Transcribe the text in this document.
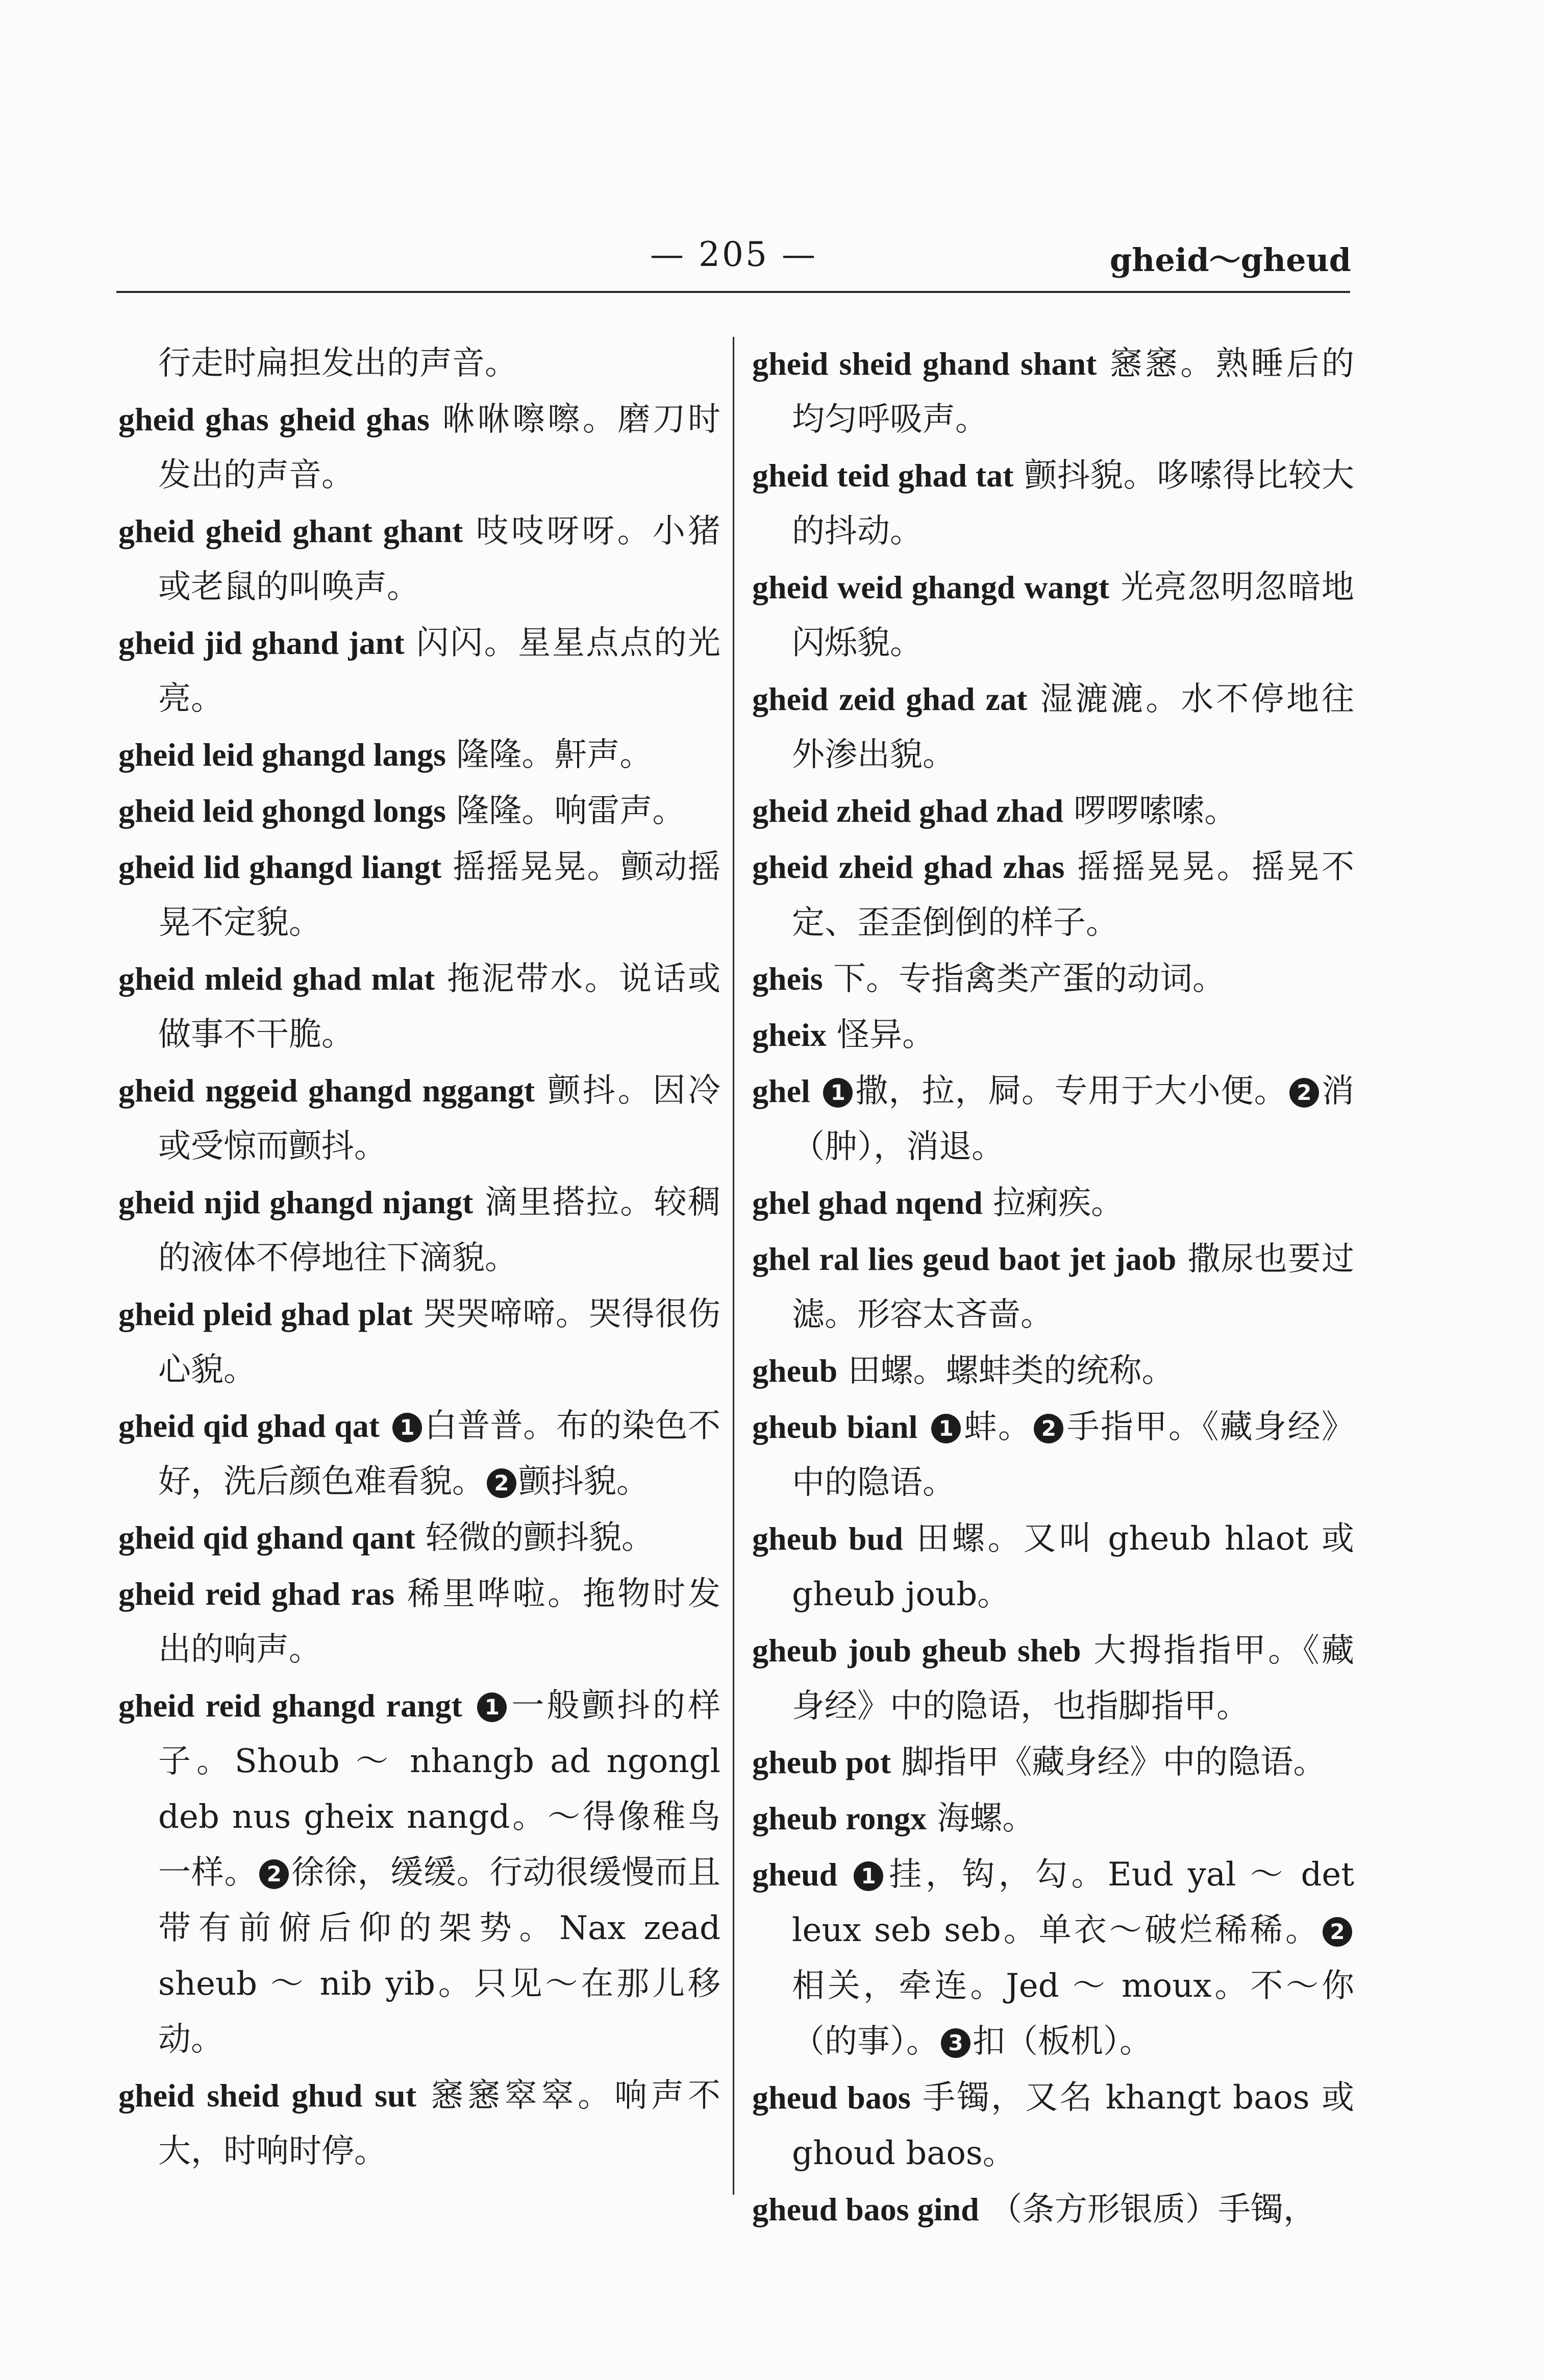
— 205 —	gheid～gheud

行走时扁担发出的声音。

gheid ghas gheid ghas 咻咻嚓嚓。磨刀时发出的声音。

gheid gheid ghant ghant 吱吱呀呀。小猪或老鼠的叫唤声。

gheid jid ghand jant 闪闪。星星点点的光亮。

gheid leid ghangd langs 隆隆。鼾声。

gheid leid ghongd longs 隆隆。响雷声。

gheid lid ghangd liangt 摇摇晃晃。颤动摇晃不定貌。

gheid mleid ghad mlat 拖泥带水。说话或做事不干脆。

gheid nggeid ghangd nggangt 颤抖。因冷或受惊而颤抖。

gheid njid ghangd njangt 滴里搭拉。较稠的液体不停地往下滴貌。

gheid pleid ghad plat 哭哭啼啼。哭得很伤心貌。

gheid qid ghad qat 1 白普普。布的染色不好，洗后颜色难看貌。 2 颤抖貌。

gheid qid ghand qant 轻微的颤抖貌。

gheid reid ghad ras 稀里哗啦。拖物时发出的响声。

gheid reid ghangd rangt 1 一般颤抖的样子。Shoub ～ nhangb ad ngongl deb nus gheix nangd。～得像稚鸟一样。 2 徐徐，缓缓。行动很缓慢而且带有前俯后仰的架势。Nax zead sheub ～ nib yib。只见～在那儿移动。

gheid sheid ghud sut 窸窸窣窣。响声不大，时响时停。

gheid sheid ghand shant 窸窸。熟睡后的均匀呼吸声。

gheid teid ghad tat 颤抖貌。哆嗦得比较大的抖动。

gheid weid ghangd wangt 光亮忽明忽暗地闪烁貌。

gheid zeid ghad zat 湿漉漉。水不停地往外渗出貌。

gheid zheid ghad zhad 啰啰嗦嗦。

gheid zheid ghad zhas 摇摇晃晃。摇晃不定、歪歪倒倒的样子。

gheis 下。专指禽类产蛋的动词。

gheix 怪异。

ghel 1 撒，拉，屙。专用于大小便。 2 消（肿），消退。

ghel ghad nqend 拉痢疾。

ghel ral lies geud baot jet jaob 撒尿也要过滤。形容太吝啬。

gheub 田螺。螺蚌类的统称。

gheub bianl 1 蚌。 2 手指甲。《藏身经》中的隐语。

gheub bud 田螺。又叫 gheub hlaot 或 gheub joub。

gheub joub gheub sheb 大拇指指甲。《藏身经》中的隐语，也指脚指甲。

gheub pot 脚指甲《藏身经》中的隐语。

gheub rongx 海螺。

gheud 1 挂，钩，勾。Eud yal ～ det leux seb seb。单衣～破烂稀稀。 2相关，牵连。Jed ～ moux。不～你（的事）。 3 扣（板机）。

gheud baos 手镯，又名 khangt baos 或 ghoud baos。

gheud baos gind （条方形银质）手镯，
